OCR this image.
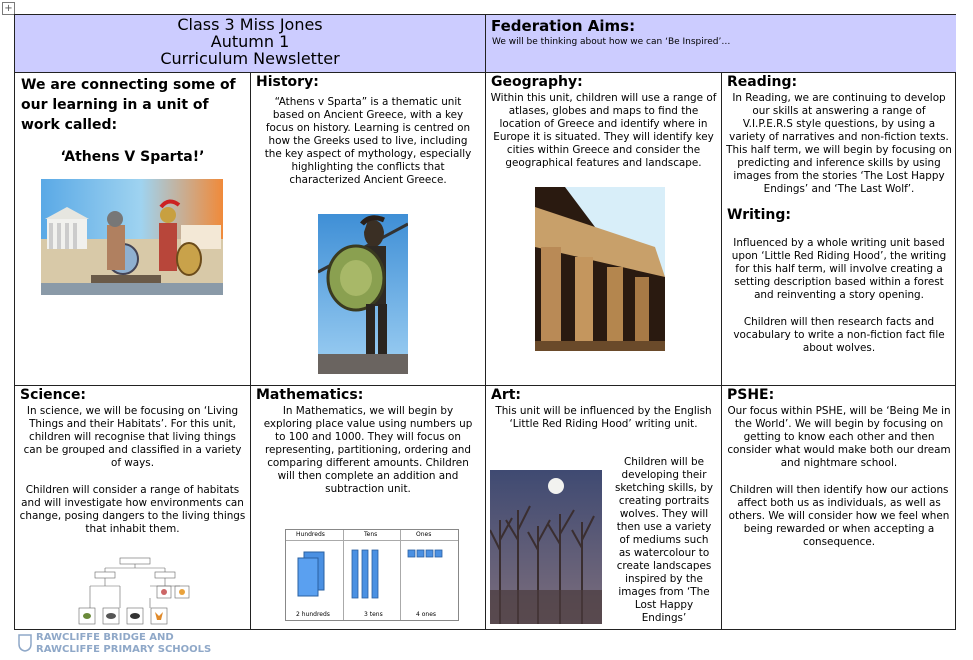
+
Class 3 Miss Jones
Autumn 1
Curriculum Newsletter
Federation Aims:
We will be thinking about how we can ‘Be Inspired’…
We are connecting some of our learning in a unit of work called:
‘Athens V Sparta!’
History:
“Athens v Sparta” is a thematic unit based on Ancient Greece, with a key focus on history. Learning is centred on how the Greeks used to live, including the key aspect of mythology, especially highlighting the conflicts that characterized Ancient Greece.
Geography:
Within this unit, children will use a range of atlases, globes and maps to find the location of Greece and identify where in Europe it is situated. They will identify key cities within Greece and consider the geographical features and landscape.
Reading:
In Reading, we are continuing to develop our skills at answering a range of V.I.P.E.R.S style questions, by using a variety of narratives and non-fiction texts. This half term, we will begin by focusing on predicting and inference skills by using images from the stories ‘The Lost Happy Endings’ and ‘The Last Wolf’.
Writing:
Influenced by a whole writing unit based upon ‘Little Red Riding Hood’, the writing for this half term, will involve creating a setting description based within a forest and reinventing a story opening.
Children will then research facts and vocabulary to write a non-fiction fact file about wolves.
Science:
In science, we will be focusing on ‘Living Things and their Habitats’. For this unit, children will recognise that living things can be grouped and classified in a variety of ways.
Children will consider a range of habitats and will investigate how environments can change, posing dangers to the living things that inhabit them.
Mathematics:
In Mathematics, we will begin by exploring place value using numbers up to 100 and 1000. They will focus on representing, partitioning, ordering and comparing different amounts. Children will then complete an addition and subtraction unit.
Hundreds	Tens	Ones
2 hundreds	3 tens	4 ones
Art:
This unit will be influenced by the English ‘Little Red Riding Hood’ writing unit.
Children will be developing their sketching skills, by creating portraits wolves. They will then use a variety of mediums such as watercolour to create landscapes inspired by the images from ‘The Lost Happy Endings’
PSHE:
Our focus within PSHE, will be ‘Being Me in the World’. We will begin by focusing on getting to know each other and then consider what would make both our dream and nightmare school.
Children will then identify how our actions affect both us as individuals, as well as others. We will consider how we feel when being rewarded or when accepting a consequence.
RAWCLIFFE BRIDGE AND
RAWCLIFFE PRIMARY SCHOOLS
